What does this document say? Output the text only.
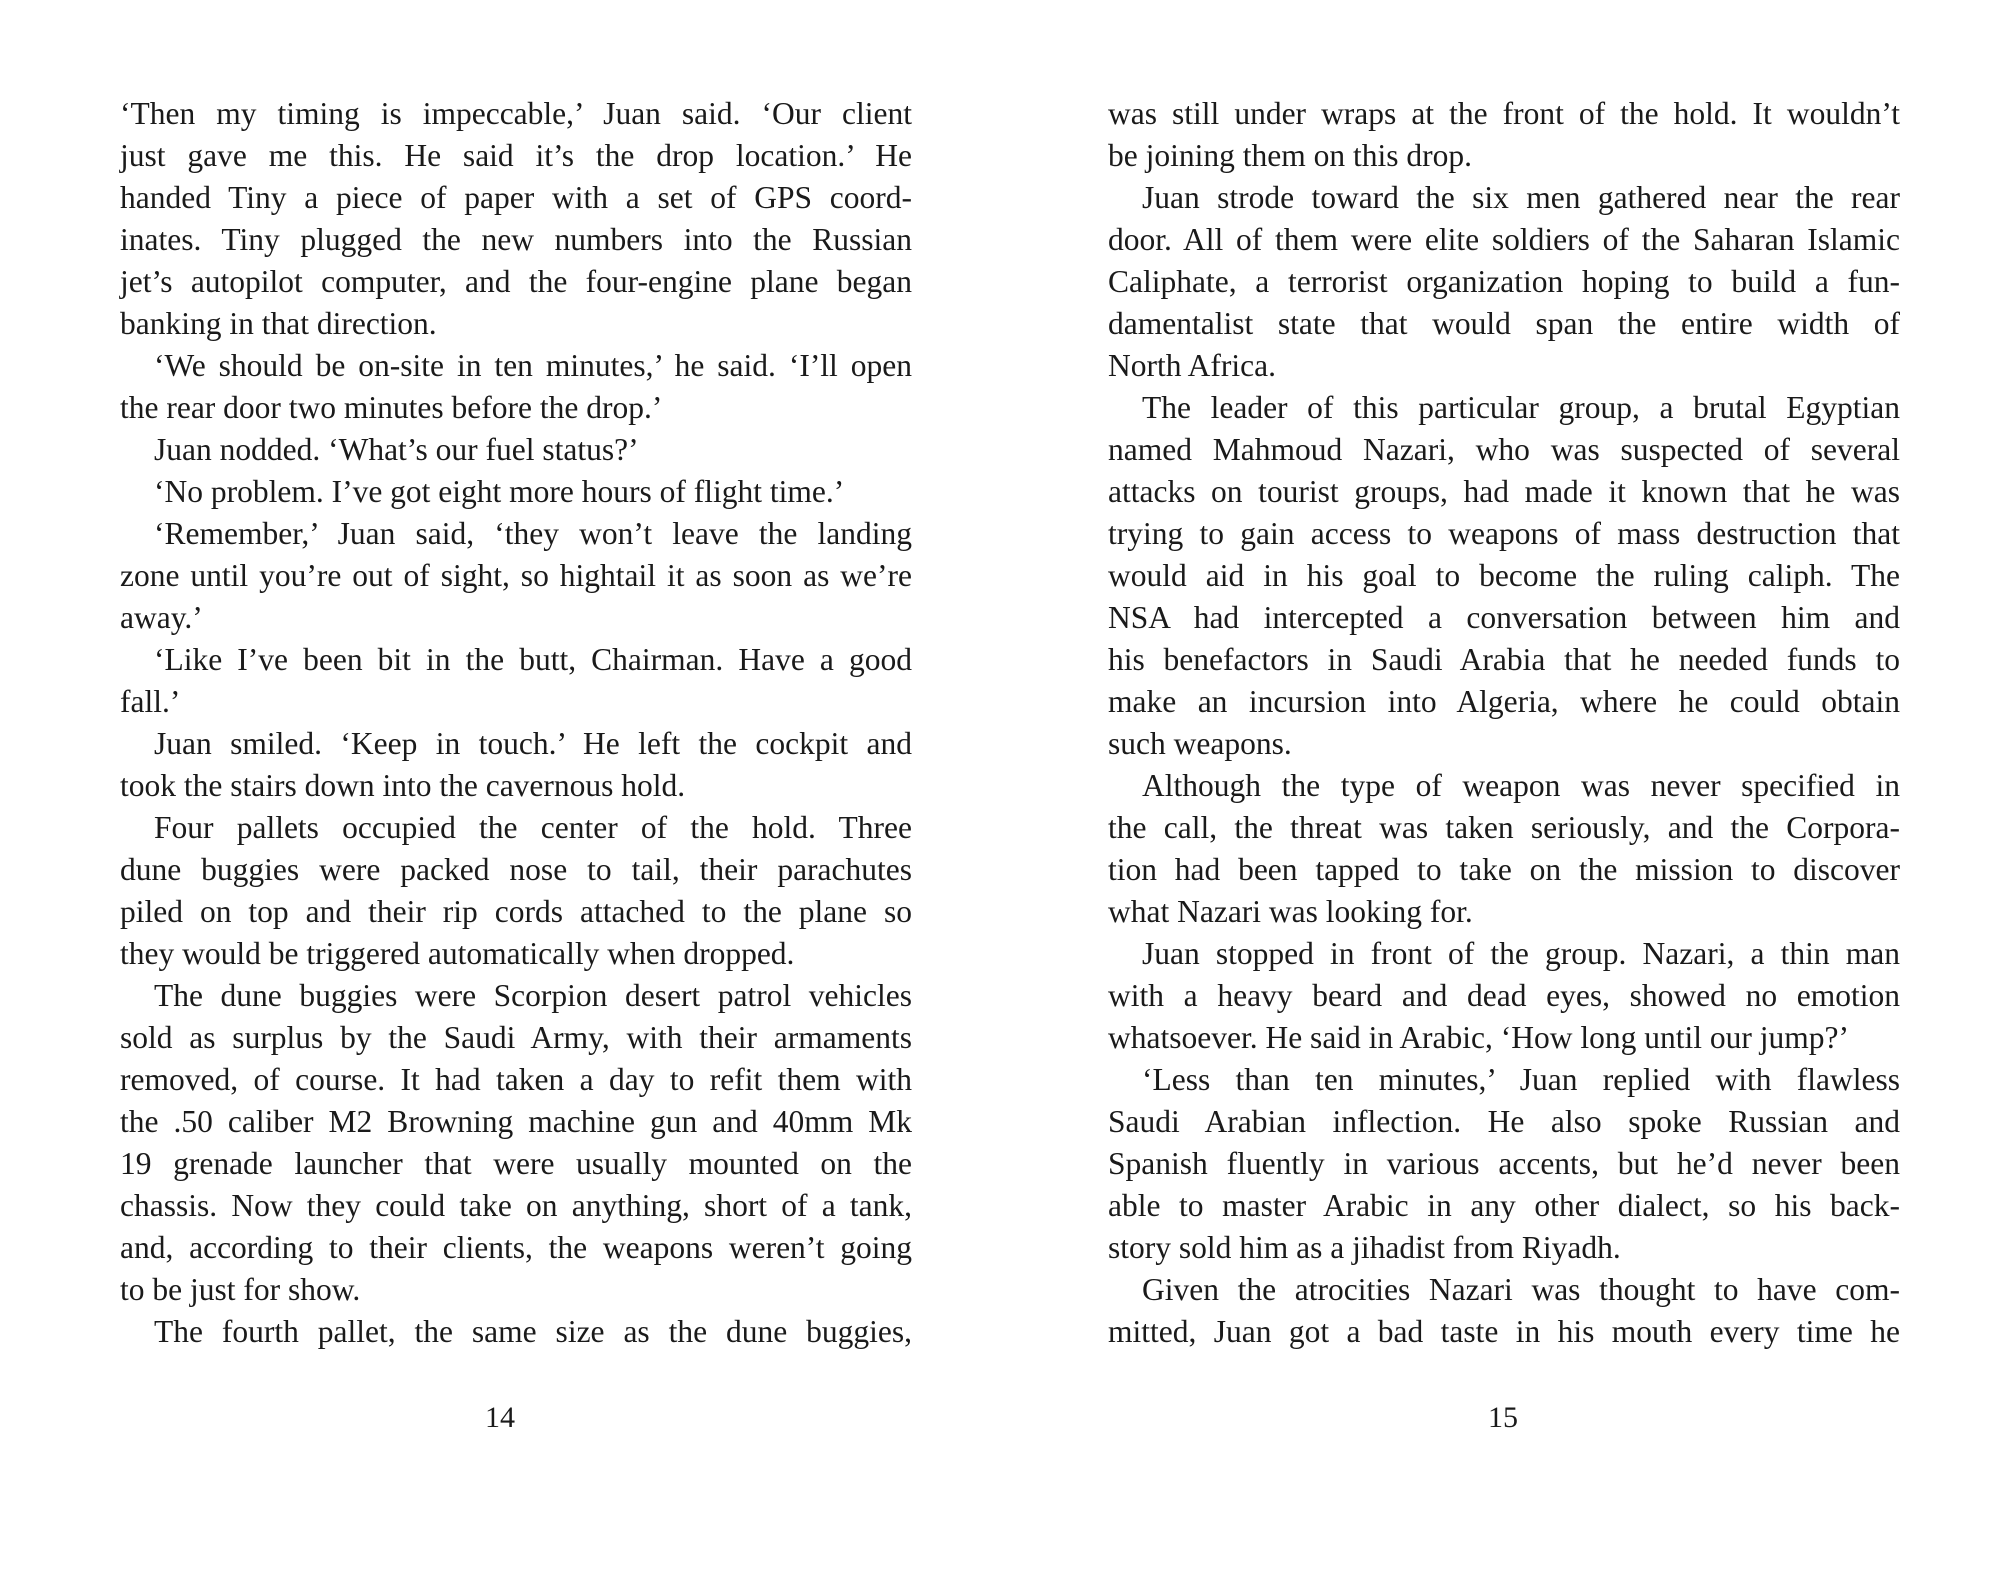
‘Then my timing is impeccable,’ Juan said. ‘Our client
just gave me this. He said it’s the drop location.’ He
handed Tiny a piece of paper with a set of GPS coord-
inates. Tiny plugged the new numbers into the Russian
jet’s autopilot computer, and the four-engine plane began
banking in that direction.
‘We should be on-site in ten minutes,’ he said. ‘I’ll open
the rear door two minutes before the drop.’
Juan nodded. ‘What’s our fuel status?’
‘No problem. I’ve got eight more hours of flight time.’
‘Remember,’ Juan said, ‘they won’t leave the landing
zone until you’re out of sight, so hightail it as soon as we’re
away.’
‘Like I’ve been bit in the butt, Chairman. Have a good
fall.’
Juan smiled. ‘Keep in touch.’ He left the cockpit and
took the stairs down into the cavernous hold.
Four pallets occupied the center of the hold. Three
dune buggies were packed nose to tail, their parachutes
piled on top and their rip cords attached to the plane so
they would be triggered automatically when dropped.
The dune buggies were Scorpion desert patrol vehicles
sold as surplus by the Saudi Army, with their armaments
removed, of course. It had taken a day to refit them with
the .50 caliber M2 Browning machine gun and 40mm Mk
19 grenade launcher that were usually mounted on the
chassis. Now they could take on anything, short of a tank,
and, according to their clients, the weapons weren’t going
to be just for show.
The fourth pallet, the same size as the dune buggies,
14
was still under wraps at the front of the hold. It wouldn’t
be joining them on this drop.
Juan strode toward the six men gathered near the rear
door. All of them were elite soldiers of the Saharan Islamic
Caliphate, a terrorist organization hoping to build a fun-
damentalist state that would span the entire width of
North Africa.
The leader of this particular group, a brutal Egyptian
named Mahmoud Nazari, who was suspected of several
attacks on tourist groups, had made it known that he was
trying to gain access to weapons of mass destruction that
would aid in his goal to become the ruling caliph. The
NSA had intercepted a conversation between him and
his benefactors in Saudi Arabia that he needed funds to
make an incursion into Algeria, where he could obtain
such weapons.
Although the type of weapon was never specified in
the call, the threat was taken seriously, and the Corpora-
tion had been tapped to take on the mission to discover
what Nazari was looking for.
Juan stopped in front of the group. Nazari, a thin man
with a heavy beard and dead eyes, showed no emotion
whatsoever. He said in Arabic, ‘How long until our jump?’
‘Less than ten minutes,’ Juan replied with flawless
Saudi Arabian inflection. He also spoke Russian and
Spanish fluently in various accents, but he’d never been
able to master Arabic in any other dialect, so his back-
story sold him as a jihadist from Riyadh.
Given the atrocities Nazari was thought to have com-
mitted, Juan got a bad taste in his mouth every time he
15
